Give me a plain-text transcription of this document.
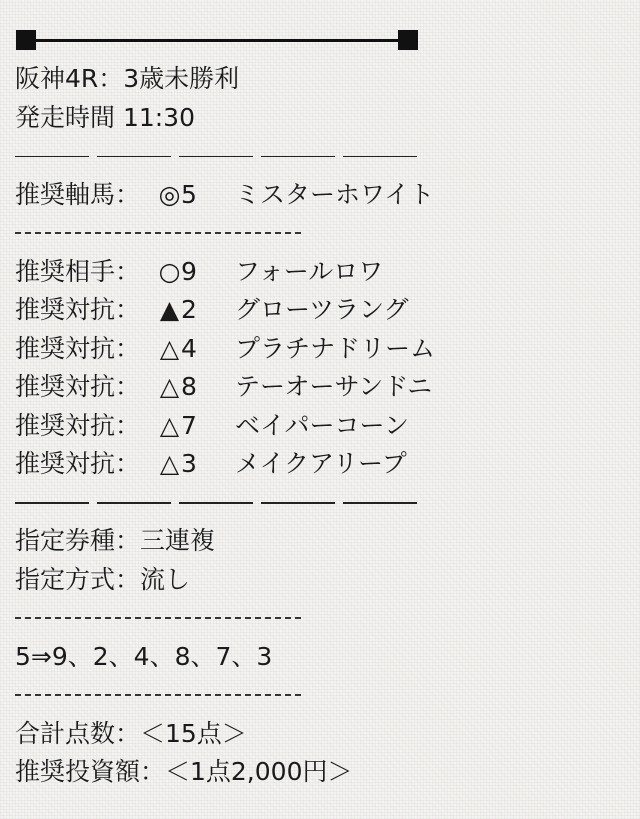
阪神4R：3歳未勝利
発走時間 11:30
推奨軸馬： ◎ 5 ミスターホワイト
推奨相手： ○ 9 フォールロワ
推奨対抗： ▲ 2 グローツラング
推奨対抗： △ 4 プラチナドリーム
推奨対抗： △ 8 テーオーサンドニ
推奨対抗： △ 7 ベイパーコーン
推奨対抗： △ 3 メイクアリープ
指定券種：三連複
指定方式：流し
5⇒9、2、4、8、7、3
合計点数：＜15点＞
推奨投資額：＜1点2,000円＞
